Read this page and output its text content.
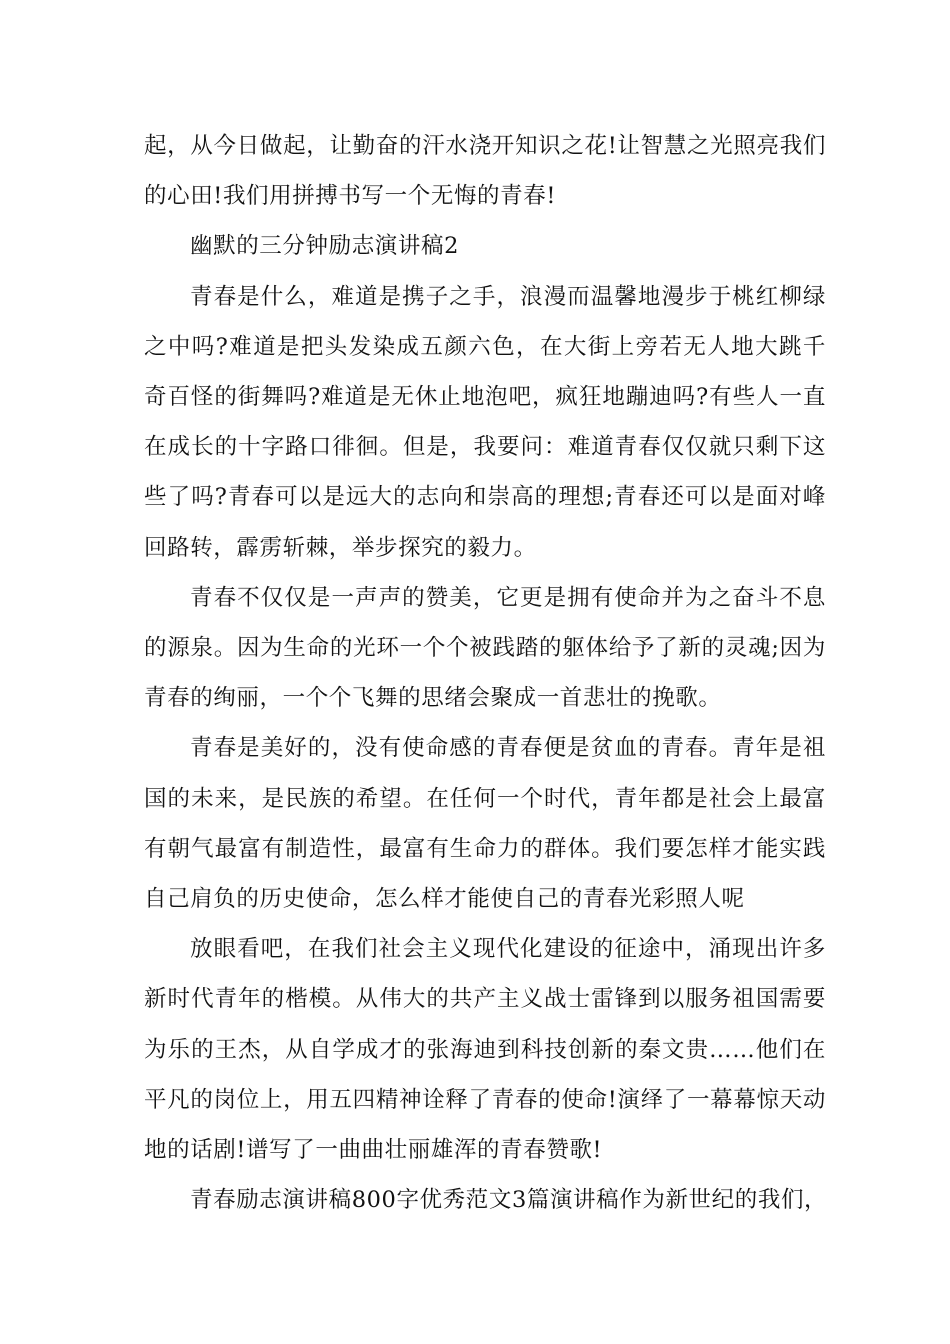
起，从今日做起，让勤奋的汗水浇开知识之花!让智慧之光照亮我们的心田!我们用拼搏书写一个无悔的青春!

幽默的三分钟励志演讲稿2

青春是什么，难道是携子之手，浪漫而温馨地漫步于桃红柳绿之中吗?难道是把头发染成五颜六色，在大街上旁若无人地大跳千奇百怪的街舞吗?难道是无休止地泡吧，疯狂地蹦迪吗?有些人一直在成长的十字路口徘徊。但是，我要问：难道青春仅仅就只剩下这些了吗?青春可以是远大的志向和崇高的理想;青春还可以是面对峰回路转，霹雳斩棘，举步探究的毅力。

青春不仅仅是一声声的赞美，它更是拥有使命并为之奋斗不息的源泉。因为生命的光环一个个被践踏的躯体给予了新的灵魂;因为青春的绚丽，一个个飞舞的思绪会聚成一首悲壮的挽歌。

青春是美好的，没有使命感的青春便是贫血的青春。青年是祖国的未来，是民族的希望。在任何一个时代，青年都是社会上最富有朝气最富有制造性，最富有生命力的群体。我们要怎样才能实践自己肩负的历史使命，怎么样才能使自己的青春光彩照人呢

放眼看吧，在我们社会主义现代化建设的征途中，涌现出许多新时代青年的楷模。从伟大的共产主义战士雷锋到以服务祖国需要为乐的王杰，从自学成才的张海迪到科技创新的秦文贵……他们在平凡的岗位上，用五四精神诠释了青春的使命!演绎了一幕幕惊天动地的话剧!谱写了一曲曲壮丽雄浑的青春赞歌!

青春励志演讲稿800字优秀范文3篇演讲稿作为新世纪的我们，
